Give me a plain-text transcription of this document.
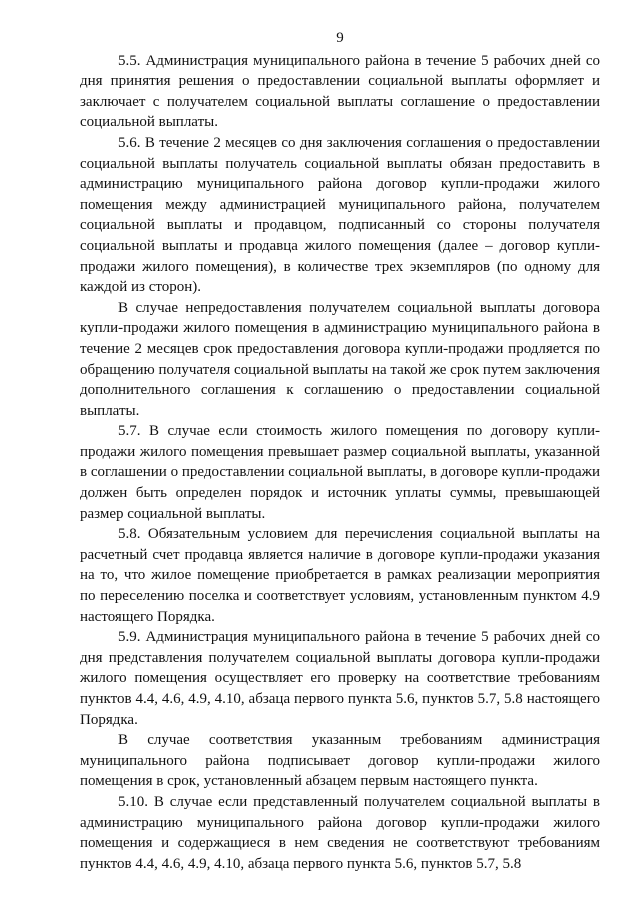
9

5.5. Администрация муниципального района в течение 5 рабочих дней со дня принятия решения о предоставлении социальной выплаты оформляет и заключает с получателем социальной выплаты соглашение о предоставлении социальной выплаты.

5.6. В течение 2 месяцев со дня заключения соглашения о предоставлении социальной выплаты получатель социальной выплаты обязан предоставить в администрацию муниципального района договор купли-продажи жилого помещения между администрацией муниципального района, получателем социальной выплаты и продавцом, подписанный со стороны получателя социальной выплаты и продавца жилого помещения (далее – договор купли-продажи жилого помещения), в количестве трех экземпляров (по одному для каждой из сторон).

В случае непредоставления получателем социальной выплаты договора купли-продажи жилого помещения в администрацию муниципального района в течение 2 месяцев срок предоставления договора купли-продажи продляется по обращению получателя социальной выплаты на такой же срок путем заключения дополнительного соглашения к соглашению о предоставлении социальной выплаты.

5.7. В случае если стоимость жилого помещения по договору купли-продажи жилого помещения превышает размер социальной выплаты, указанной в соглашении о предоставлении социальной выплаты, в договоре купли-продажи должен быть определен порядок и источник уплаты суммы, превышающей размер социальной выплаты.

5.8. Обязательным условием для перечисления социальной выплаты на расчетный счет продавца является наличие в договоре купли-продажи указания на то, что жилое помещение приобретается в рамках реализации мероприятия по переселению поселка и соответствует условиям, установленным пунктом 4.9 настоящего Порядка.

5.9. Администрация муниципального района в течение 5 рабочих дней со дня представления получателем социальной выплаты договора купли-продажи жилого помещения осуществляет его проверку на соответствие требованиям пунктов 4.4, 4.6, 4.9, 4.10, абзаца первого пункта 5.6, пунктов 5.7, 5.8 настоящего Порядка.

В случае соответствия указанным требованиям администрация муниципального района подписывает договор купли-продажи жилого помещения в срок, установленный абзацем первым настоящего пункта.

5.10. В случае если представленный получателем социальной выплаты в администрацию муниципального района договор купли-продажи жилого помещения и содержащиеся в нем сведения не соответствуют требованиям пунктов 4.4, 4.6, 4.9, 4.10, абзаца первого пункта 5.6, пунктов 5.7, 5.8
